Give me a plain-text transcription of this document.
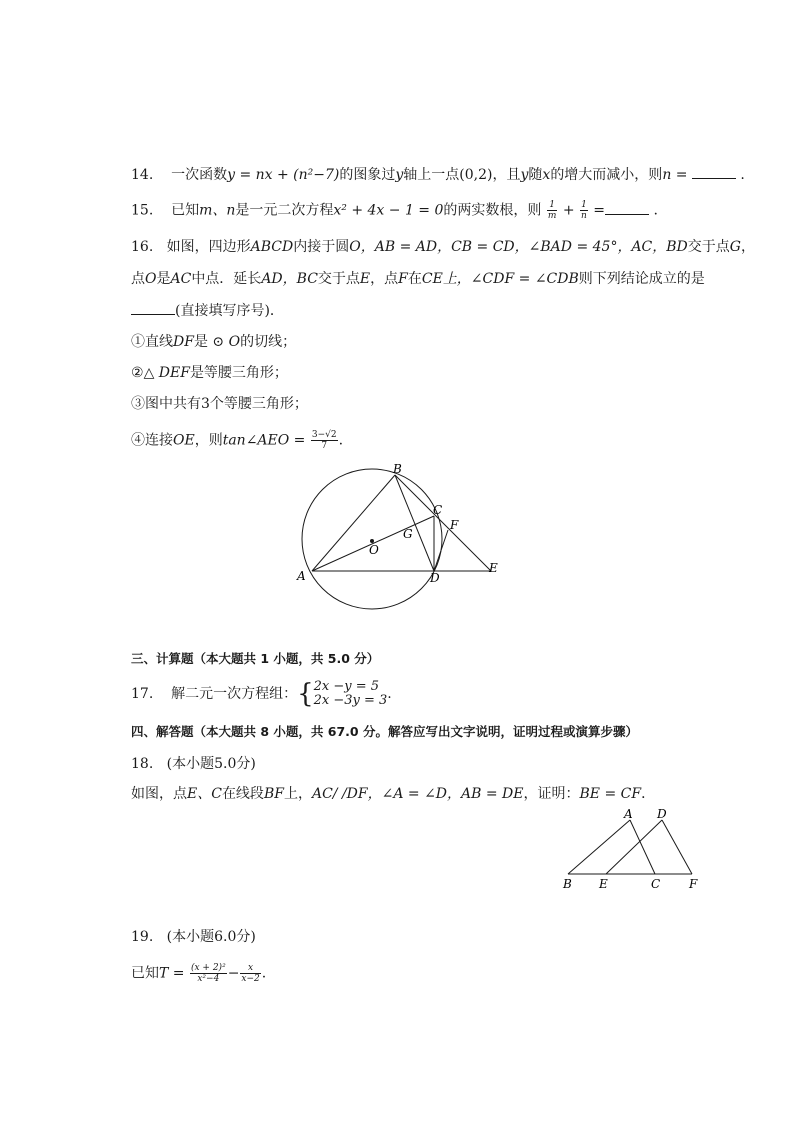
14. 一次函数y = nx + (n²−7)的图象过y轴上一点(0,2)，且y随x的增大而减小，则n =	.
15. 已知m、n是一元二次方程x² + 4x − 1 = 0的两实数根，则 $\frac{1}{m} + \frac{1}{n}$ =	.
16. 如图，四边形ABCD内接于圆O，AB = AD，CB = CD，∠BAD = 45°，AC，BD交于点G，
点O是AC中点．延长AD，BC交于点E，点F在CE上，∠CDF = ∠CDB则下列结论成立的是
(直接填写序号)．
①直线DF是 ⊙ O的切线；
②△ DEF是等腰三角形；
③图中共有3个等腰三角形；
④连接OE，则tan∠AEO = $\frac{3-√2}{7}$ .
B
C
F
O
G
A	D
E
三、计算题（本大题共 1 小题，共 5.0 分）
17. 解二元一次方程组：{ 2x −y = 5
2x −3y = 3 .
四、解答题（本大题共 8 小题，共 67.0 分。解答应写出文字说明，证明过程或演算步骤）
18. (本小题5.0分)
如图，点E、C在线段BF上，AC/ /DF，∠A = ∠D，AB = DE，证明：BE = CF．
A D
B E	C F
19. (本小题6.0分)
已知$T = \frac{\text{(x + 2)²}}{\text{x²−4}} - \frac{x}{x-2}$ .
